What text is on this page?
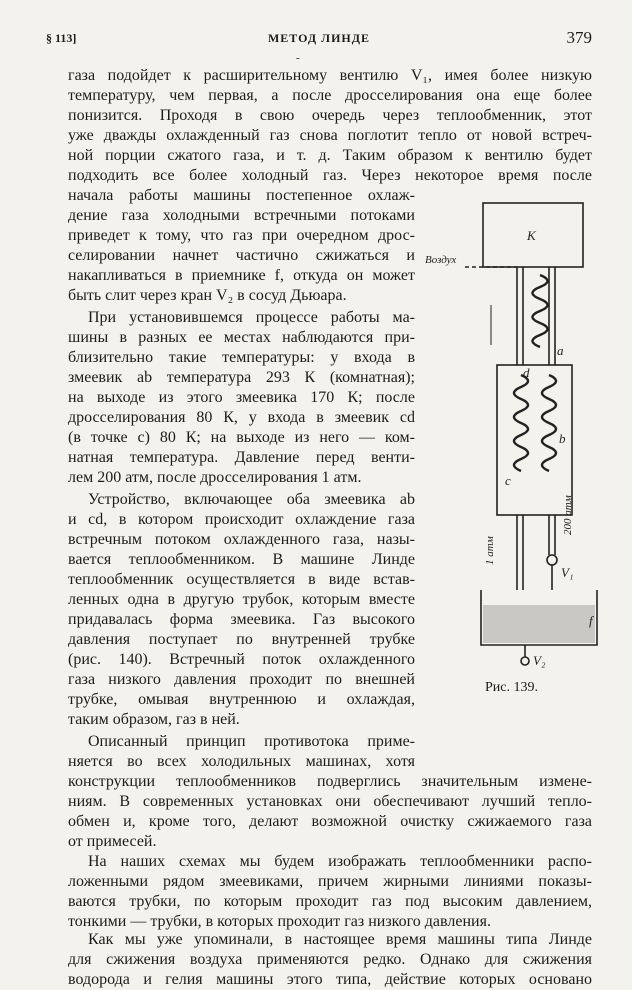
§ 113]	МЕТОД ЛИНДЕ	379
-
газа подойдет к расширительному вентилю V₁, имея более низкую
температуру, чем первая, а после дросселирования она еще более
понизится. Проходя в свою очередь через теплообменник, этот
уже дважды охлажденный газ снова поглотит тепло от новой встреч-
ной порции сжатого газа, и т. д. Таким образом к вентилю будет
подходить все более холодный газ. Через некоторое время после
начала работы машины постепенное охлаж-
дение газа холодными встречными потоками
приведет к тому, что газ при очередном дрос-
селировании начнет частично сжижаться и
накапливаться в приемнике f, откуда он может
быть слит через кран V₂ в сосуд Дьюара.
При установившемся процессе работы ма-
шины в разных ее местах наблюдаются при-
близительно такие температуры: у входа в
змеевик ab температура 293 К (комнатная);
на выходе из этого змеевика 170 К; после
дросселирования 80 К, у входа в змеевик cd
(в точке c) 80 К; на выходе из него — ком-
натная температура. Давление перед венти-
лем 200 атм, после дросселирования 1 атм.
Устройство, включающее оба змеевика ab
и cd, в котором происходит охлаждение газа
встречным потоком охлажденного газа, назы-
вается теплообменником. В машине Линде
теплообменник осуществляется в виде встав-
ленных одна в другую трубок, которым вместе
придавалась форма змеевика. Газ высокого
давления поступает по внутренней трубке
(рис. 140). Встречный поток охлажденного
газа низкого давления проходит по внешней
трубке, омывая внутреннюю и охлаждая,
таким образом, газ в ней.
Описанный принцип противотока приме-
няется во всех холодильных машинах, хотя
конструкции теплообменников подверглись значительным измене-
ниям. В современных установках они обеспечивают лучший тепло-
обмен и, кроме того, делают возможной очистку сжижаемого газа
от примесей.
На наших схемах мы будем изображать теплообменники распо-
ложенными рядом змеевиками, причем жирными линиями показы-
ваются трубки, по которым проходит газ под высоким давлением,
тонкими — трубки, в которых проходит газ низкого давления.
Как мы уже упоминали, в настоящее время машины типа Линде
для сжижения воздуха применяются редко. Однако для сжижения
водорода и гелия машины этого типа, действие которых основано
K
Воздух
a
b
c
d
1 атм
200 атм
V₁
f
V₂
Рис. 139.
